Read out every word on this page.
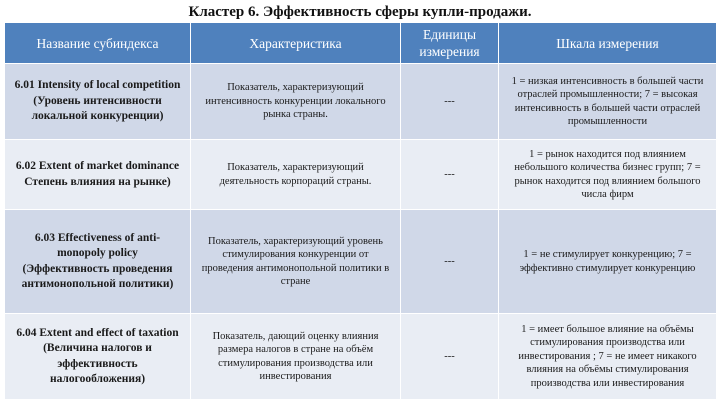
Кластер 6. Эффективность сферы купли-продажи.
Название субиндекса	Характеристика	Единицы измерения	Шкала измерения
6.01 Intensity of local competition (Уровень интенсивности локальной конкуренции)	Показатель, характеризующий интенсивность конкуренции локального рынка страны.	---	1 = низкая интенсивность в большей части отраслей промышленности; 7 = высокая интенсивность в большей части отраслей промышленности
6.02 Extent of market dominance Степень влияния на рынке)	Показатель, характеризующий деятельность корпораций страны.	---	1 = рынок находится под влиянием небольшого количества бизнес групп; 7 = рынок находится под влиянием большого числа фирм
6.03 Effectiveness of anti-monopoly policy (Эффективность проведения антимонопольной политики)	Показатель, характеризующий уровень стимулирования конкуренции от проведения антимонопольной политики в стране	---	1 = не стимулирует конкуренцию; 7 = эффективно стимулирует конкуренцию
6.04 Extent and effect of taxation (Величина налогов и эффективность налогообложения)	Показатель, дающий оценку влияния размера налогов в стране на объём стимулирования производства или инвестирования	---	1 = имеет большое влияние на объёмы стимулирования производства или инвестирования ; 7 = не имеет никакого влияния на объёмы стимулирования производства или инвестирования
